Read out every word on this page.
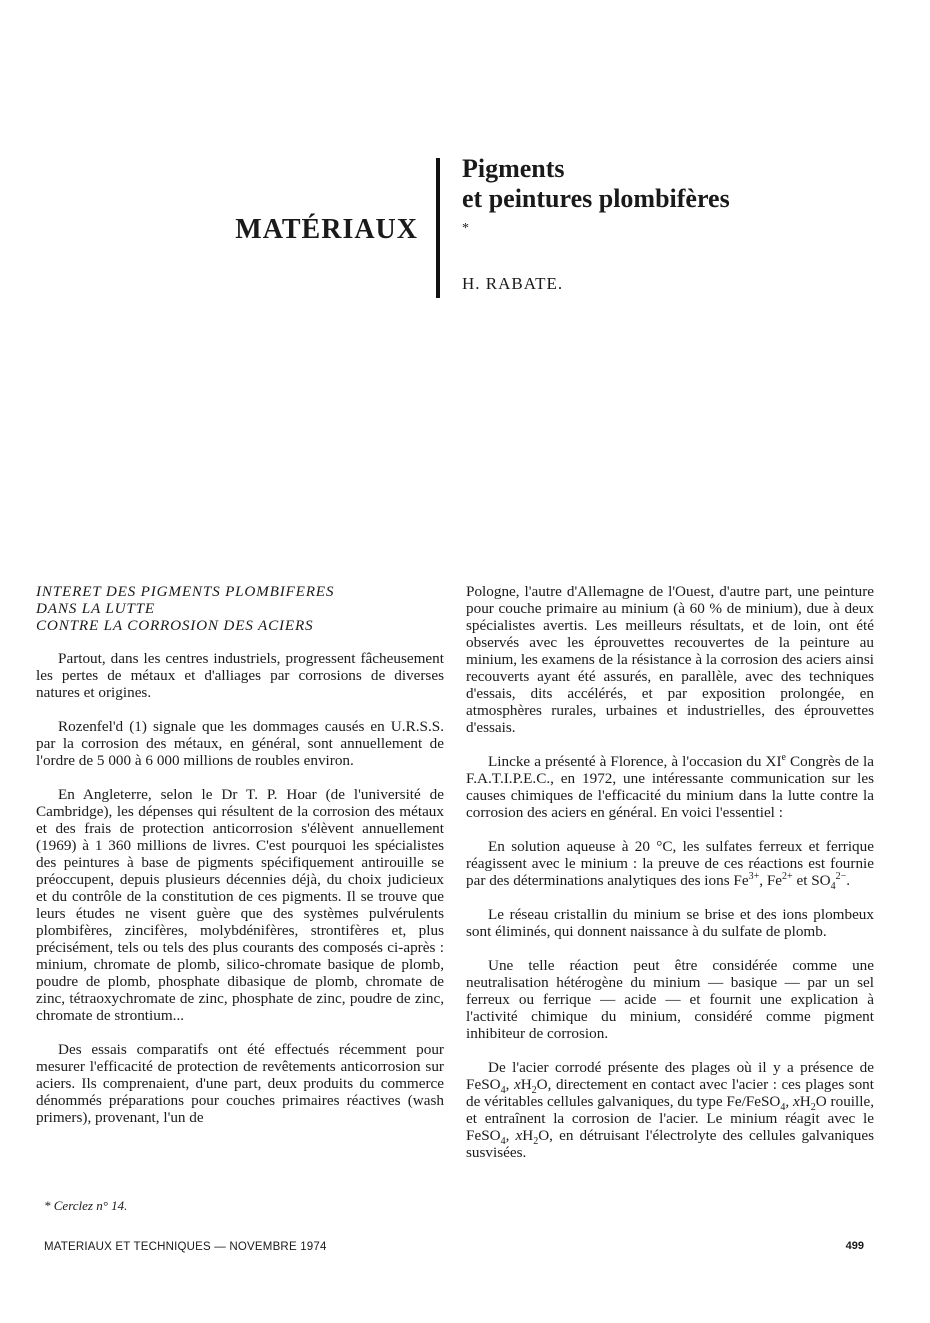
MATÉRIAUX
Pigments
et peintures plombifères
*

H. RABATE.

INTERET DES PIGMENTS PLOMBIFERES
DANS LA LUTTE
CONTRE LA CORROSION DES ACIERS

Partout, dans les centres industriels, progressent fâcheusement les pertes de métaux et d'alliages par corrosions de diverses natures et origines.

Rozenfel'd (1) signale que les dommages causés en U.R.S.S. par la corrosion des métaux, en général, sont annuellement de l'ordre de 5 000 à 6 000 millions de roubles environ.

En Angleterre, selon le Dr T. P. Hoar (de l'université de Cambridge), les dépenses qui résultent de la corrosion des métaux et des frais de protection anticorrosion s'élèvent annuellement (1969) à 1 360 millions de livres. C'est pourquoi les spécialistes des peintures à base de pigments spécifiquement antirouille se préoccupent, depuis plusieurs décennies déjà, du choix judicieux et du contrôle de la constitution de ces pigments. Il se trouve que leurs études ne visent guère que des systèmes pulvérulents plombifères, zincifères, molybdénifères, strontifères et, plus précisément, tels ou tels des plus courants des composés ci-après : minium, chromate de plomb, silico-chromate basique de plomb, poudre de plomb, phosphate dibasique de plomb, chromate de zinc, tétraoxychromate de zinc, phosphate de zinc, poudre de zinc, chromate de strontium...

Des essais comparatifs ont été effectués récemment pour mesurer l'efficacité de protection de revêtements anticorrosion sur aciers. Ils comprenaient, d'une part, deux produits du commerce dénommés préparations pour couches primaires réactives (wash primers), provenant, l'un de

Pologne, l'autre d'Allemagne de l'Ouest, d'autre part, une peinture pour couche primaire au minium (à 60 % de minium), due à deux spécialistes avertis. Les meilleurs résultats, et de loin, ont été observés avec les éprouvettes recouvertes de la peinture au minium, les examens de la résistance à la corrosion des aciers ainsi recouverts ayant été assurés, en parallèle, avec des techniques d'essais, dits accélérés, et par exposition prolongée, en atmosphères rurales, urbaines et industrielles, des éprouvettes d'essais.

Lincke a présenté à Florence, à l'occasion du XIe Congrès de la F.A.T.I.P.E.C., en 1972, une intéressante communication sur les causes chimiques de l'efficacité du minium dans la lutte contre la corrosion des aciers en général. En voici l'essentiel :

En solution aqueuse à 20 °C, les sulfates ferreux et ferrique réagissent avec le minium : la preuve de ces réactions est fournie par des déterminations analytiques des ions $Fe^{3+}$, $Fe^{2+}$ et $SO_4^{2-}$.

Le réseau cristallin du minium se brise et des ions plombeux sont éliminés, qui donnent naissance à du sulfate de plomb.

Une telle réaction peut être considérée comme une neutralisation hétérogène du minium — basique — par un sel ferreux ou ferrique — acide — et fournit une explication à l'activité chimique du minium, considéré comme pigment inhibiteur de corrosion.

De l'acier corrodé présente des plages où il y a présence de FeSO$_4$, $xH_2O$, directement en contact avec l'acier : ces plages sont de véritables cellules galvaniques, du type Fe/FeSO$_4$, $xH_2O$ rouille, et entraînent la corrosion de l'acier. Le minium réagit avec le FeSO$_4$, $xH_2O$, en détruisant l'électrolyte des cellules galvaniques susvisées.

* Cerclez n° 14.

MATERIAUX ET TECHNIQUES — NOVEMBRE 1974	499
